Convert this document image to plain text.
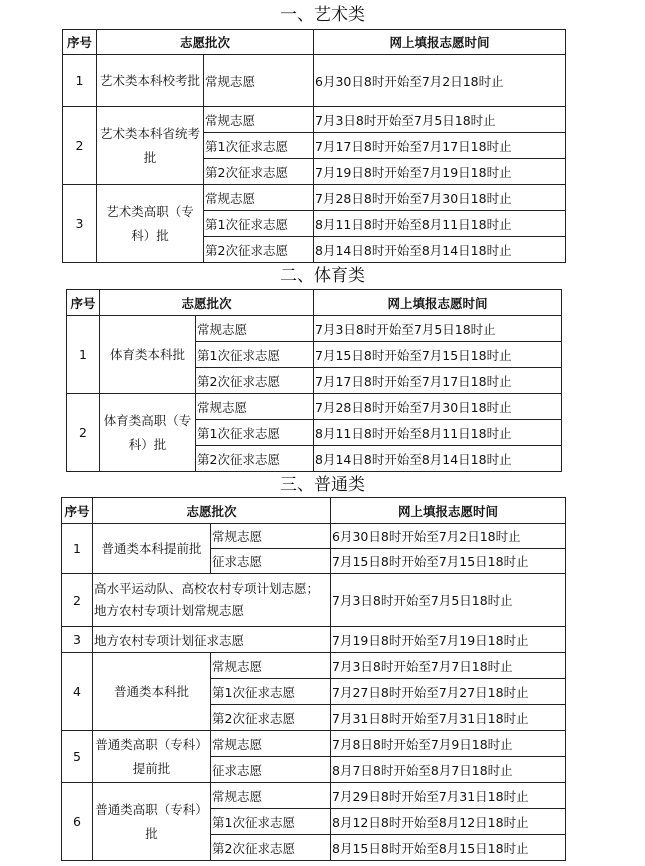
一、艺术类
序号	志愿批次		网上填报志愿时间
1	艺术类本科校考批	常规志愿	6月30日8时开始至7月2日18时止
2	艺术类本科省统考批	常规志愿	7月3日8时开始至7月5日18时止
		第1次征求志愿	7月17日8时开始至7月17日18时止
		第2次征求志愿	7月19日8时开始至7月19日18时止
3	艺术类高职（专科）批	常规志愿	7月28日8时开始至7月30日18时止
		第1次征求志愿	8月11日8时开始至8月11日18时止
		第2次征求志愿	8月14日8时开始至8月14日18时止
二、体育类
序号	志愿批次		网上填报志愿时间
1	体育类本科批	常规志愿	7月3日8时开始至7月5日18时止
		第1次征求志愿	7月15日8时开始至7月15日18时止
		第2次征求志愿	7月17日8时开始至7月17日18时止
2	体育类高职（专科）批	常规志愿	7月28日8时开始至7月30日18时止
		第1次征求志愿	8月11日8时开始至8月11日18时止
		第2次征求志愿	8月14日8时开始至8月14日18时止
三、普通类
序号	志愿批次		网上填报志愿时间
1	普通类本科提前批	常规志愿	6月30日8时开始至7月2日18时止
		征求志愿	7月15日8时开始至7月15日18时止
2	高水平运动队、高校农村专项计划志愿；地方农村专项计划常规志愿		7月3日8时开始至7月5日18时止
3	地方农村专项计划征求志愿		7月19日8时开始至7月19日18时止
4	普通类本科批	常规志愿	7月3日8时开始至7月7日18时止
		第1次征求志愿	7月27日8时开始至7月27日18时止
		第2次征求志愿	7月31日8时开始至7月31日18时止
5	普通类高职（专科）提前批	常规志愿	7月8日8时开始至7月9日18时止
		征求志愿	8月7日8时开始至8月7日18时止
6	普通类高职（专科）批	常规志愿	7月29日8时开始至7月31日18时止
		第1次征求志愿	8月12日8时开始至8月12日18时止
		第2次征求志愿	8月15日8时开始至8月15日18时止
